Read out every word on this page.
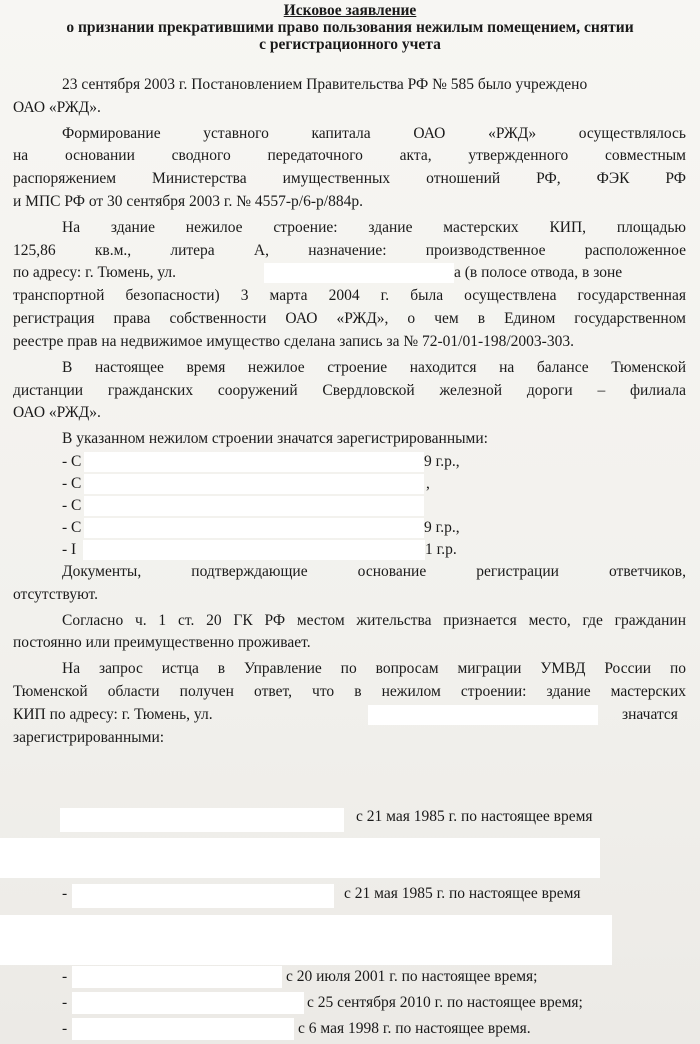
Исковое заявление
о признании прекратившими право пользования нежилым помещением, снятии
с регистрационного учета
23 сентября 2003 г. Постановлением Правительства РФ № 585 было учреждено
ОАО «РЖД».
Формирование уставного капитала ОАО «РЖД» осуществлялось
на основании сводного передаточного акта, утвержденного совместным
распоряжением Министерства имущественных отношений РФ, ФЭК РФ
и МПС РФ от 30 сентября 2003 г. № 4557-р/6-р/884р.
На здание нежилое строение: здание мастерских КИП, площадью
125,86 кв.м., литера А, назначение: производственное расположенное
по адресу: г. Тюмень, ул.	а (в полосе отвода, в зоне
транспортной безопасности) 3 марта 2004 г. была осуществлена государственная
регистрация права собственности ОАО «РЖД», о чем в Едином государственном
реестре прав на недвижимое имущество сделана запись за № 72-01/01-198/2003-303.
В настоящее время нежилое строение находится на балансе Тюменской
дистанции гражданских сооружений Свердловской железной дороги – филиала
ОАО «РЖД».
В указанном нежилом строении значатся зарегистрированными:
- С	9 г.р.,
- С	,
- С
- С	9 г.р.,
- І	1 г.р.
Документы, подтверждающие основание регистрации ответчиков,
отсутствуют.
Согласно ч. 1 ст. 20 ГК РФ местом жительства признается место, где гражданин
постоянно или преимущественно проживает.
На запрос истца в Управление по вопросам миграции УМВД России по
Тюменской области получен ответ, что в нежилом строении: здание мастерских
КИП по адресу: г. Тюмень, ул.	значатся
зарегистрированными:
с 21 мая 1985 г. по настоящее время
-	с 21 мая 1985 г. по настоящее время
-	с 20 июля 2001 г. по настоящее время;
-	с 25 сентября 2010 г. по настоящее время;
-	с 6 мая 1998 г. по настоящее время.
